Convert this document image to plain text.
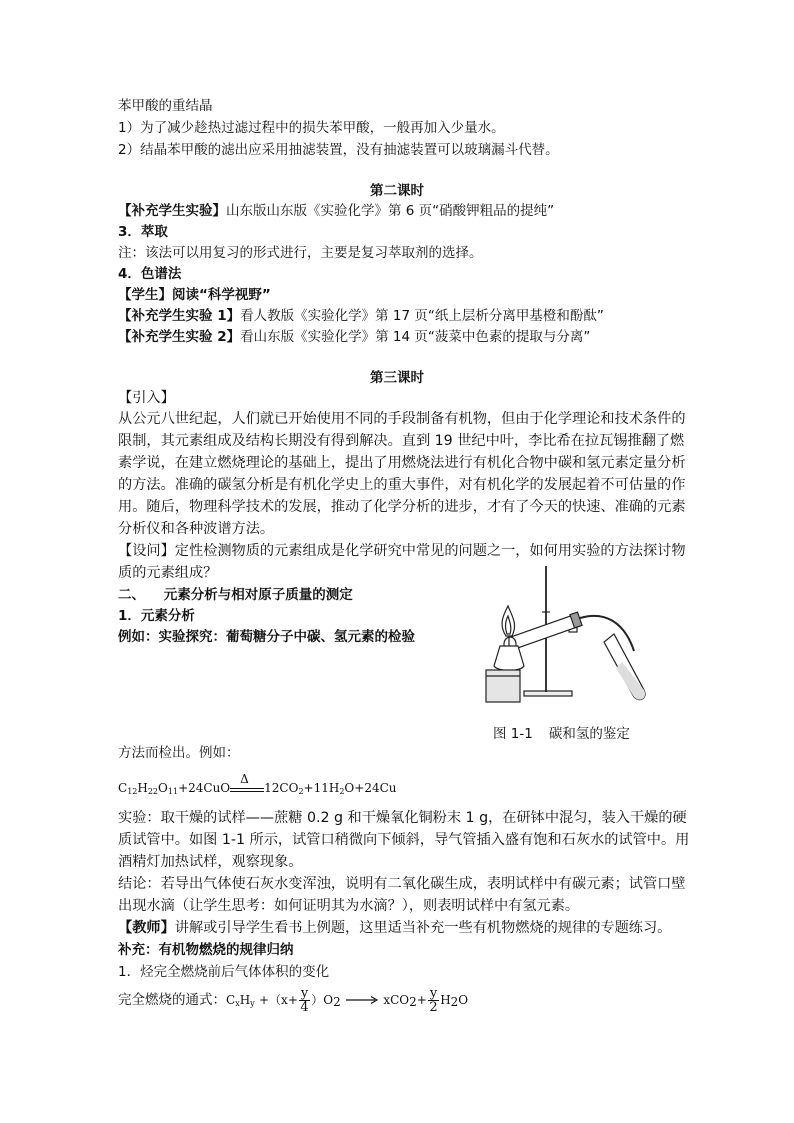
苯甲酸的重结晶
1）为了减少趁热过滤过程中的损失苯甲酸，一般再加入少量水。
2）结晶苯甲酸的滤出应采用抽滤装置，没有抽滤装置可以玻璃漏斗代替。
第二课时
【补充学生实验】山东版山东版《实验化学》第 6 页“硝酸钾粗品的提纯”
3．萃取
注：该法可以用复习的形式进行，主要是复习萃取剂的选择。
4．色谱法
【学生】阅读“科学视野”
【补充学生实验 1】看人教版《实验化学》第 17 页“纸上层析分离甲基橙和酚酞”
【补充学生实验 2】看山东版《实验化学》第 14 页“菠菜中色素的提取与分离”
第三课时
【引入】
从公元八世纪起，人们就已开始使用不同的手段制备有机物，但由于化学理论和技术条件的
限制，其元素组成及结构长期没有得到解决。直到 19 世纪中叶，李比希在拉瓦锡推翻了燃
素学说，在建立燃烧理论的基础上，提出了用燃烧法进行有机化合物中碳和氢元素定量分析
的方法。准确的碳氢分析是有机化学史上的重大事件，对有机化学的发展起着不可估量的作
用。随后，物理科学技术的发展，推动了化学分析的进步，才有了今天的快速、准确的元素
分析仪和各种波谱方法。
【设问】定性检测物质的元素组成是化学研究中常见的问题之一，如何用实验的方法探讨物
质的元素组成？
二、    元素分析与相对原子质量的测定
1．元素分析
例如：实验探究：葡萄糖分子中碳、氢元素的检验
图 1-1 碳和氢的鉴定
方法而检出。例如：
$C_{12}H_{22}O_{11}+24CuO$
Δ
$12CO_2+11H_2O+24Cu$
实验：取干燥的试样——蔗糖 0.2 g 和干燥氧化铜粉末 1 g，在研钵中混匀，装入干燥的硬
质试管中。如图 1-1 所示，试管口稍微向下倾斜，导气管插入盛有饱和石灰水的试管中。用
酒精灯加热试样，观察现象。
结论：若导出气体使石灰水变浑浊，说明有二氧化碳生成，表明试样中有碳元素；试管口壁
出现水滴（让学生思考：如何证明其为水滴？），则表明试样中有氢元素。
【教师】讲解或引导学生看书上例题，这里适当补充一些有机物燃烧的规律的专题练习。
补充：有机物燃烧的规律归纳
1．烃完全燃烧前后气体体积的变化
完全燃烧的通式：$C_xH_y +(x+ \frac{y}{4} )O_2 \to xCO_2+ \frac{y}{2} H_2O$
